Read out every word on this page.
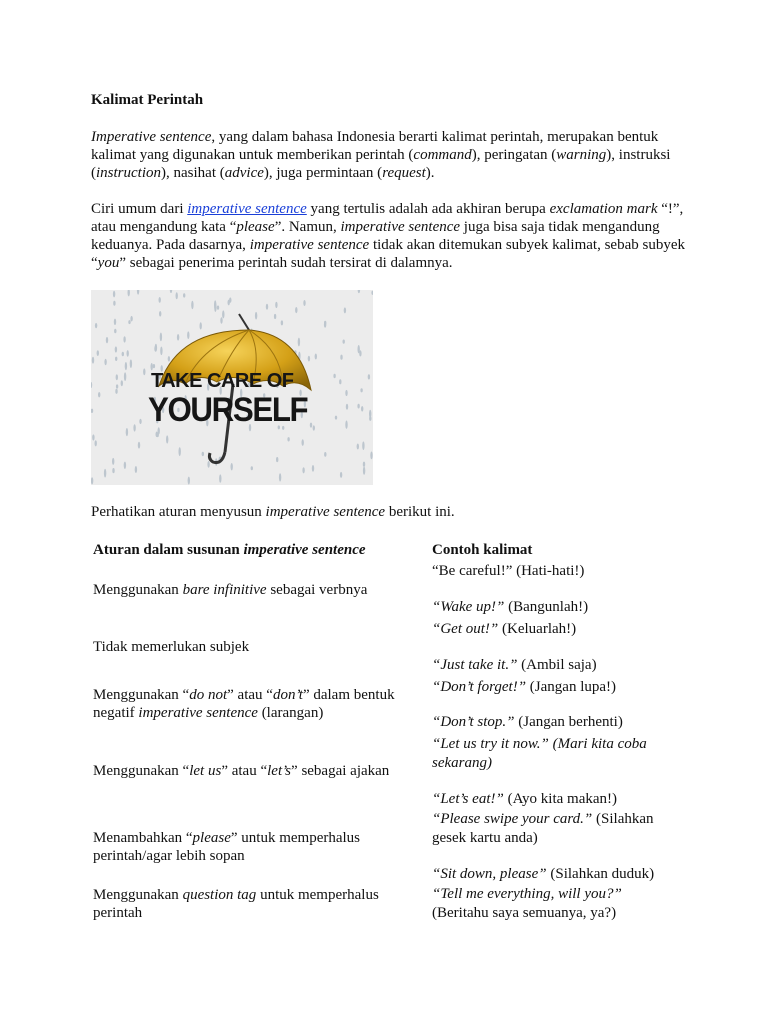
Kalimat Perintah

Imperative sentence, yang dalam bahasa Indonesia berarti kalimat perintah, merupakan bentuk kalimat yang digunakan untuk memberikan perintah (command), peringatan (warning), instruksi (instruction), nasihat (advice), juga permintaan (request).

Ciri umum dari imperative sentence yang tertulis adalah ada akhiran berupa exclamation mark “!”, atau mengandung kata “please”. Namun, imperative sentence juga bisa saja tidak mengandung keduanya. Pada dasarnya, imperative sentence tidak akan ditemukan subyek kalimat, sebab subyek “you” sebagai penerima perintah sudah tersirat di dalamnya.

TAKE CARE OF
YOURSELF

Perhatikan aturan menyusun imperative sentence berikut ini.

Aturan dalam susunan imperative sentence	Contoh kalimat
Menggunakan bare infinitive sebagai verbnya
Tidak memerlukan subjek
Menggunakan “do not” atau “don’t” dalam bentuk negatif imperative sentence (larangan)
Menggunakan “let us” atau “let’s” sebagai ajakan
Menambahkan “please” untuk memperhalus perintah/agar lebih sopan
Menggunakan question tag untuk memperhalus perintah
“Be careful!” (Hati-hati!)
“Wake up!” (Bangunlah!)
“Get out!” (Keluarlah!)
“Just take it.” (Ambil saja)
“Don’t forget!” (Jangan lupa!)
“Don’t stop.” (Jangan berhenti)
“Let us try it now.” (Mari kita coba sekarang)
“Let’s eat!” (Ayo kita makan!)
“Please swipe your card.” (Silahkan gesek kartu anda)
“Sit down, please” (Silahkan duduk)
“Tell me everything, will you?” (Beritahu saya semuanya, ya?)
